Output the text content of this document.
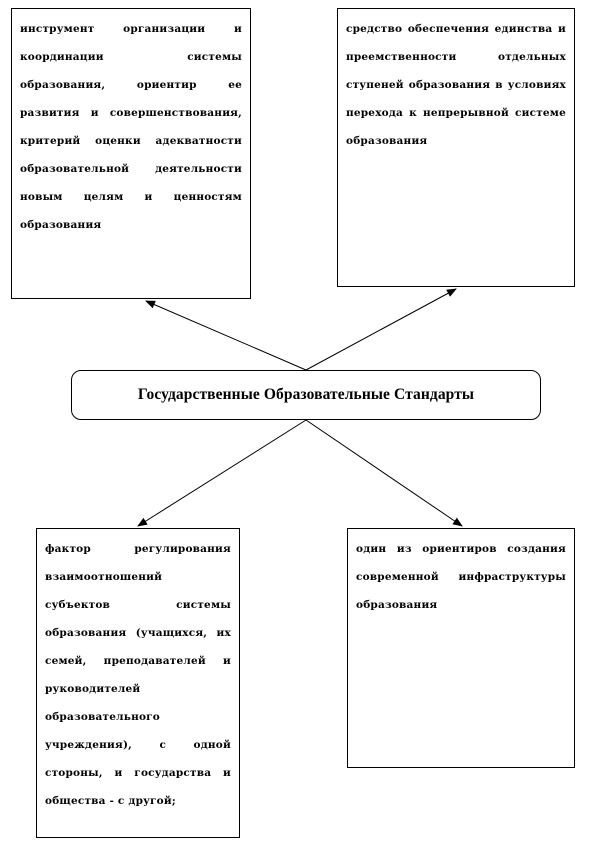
инструмент организации и координации системы образования, ориентир ее развития и совершенствования, критерий оценки адекватности образовательной деятельности новым целям и ценностям образования

средство обеспечения единства и преемственности отдельных ступеней образования в условиях перехода к непрерывной системе образования

Государственные Образовательные Стандарты

фактор регулирования взаимоотношений субъектов системы образования (учащихся, их семей, преподавателей и руководителей образовательного учреждения), с одной стороны, и государства и общества - с другой;

один из ориентиров создания современной инфраструктуры образования
